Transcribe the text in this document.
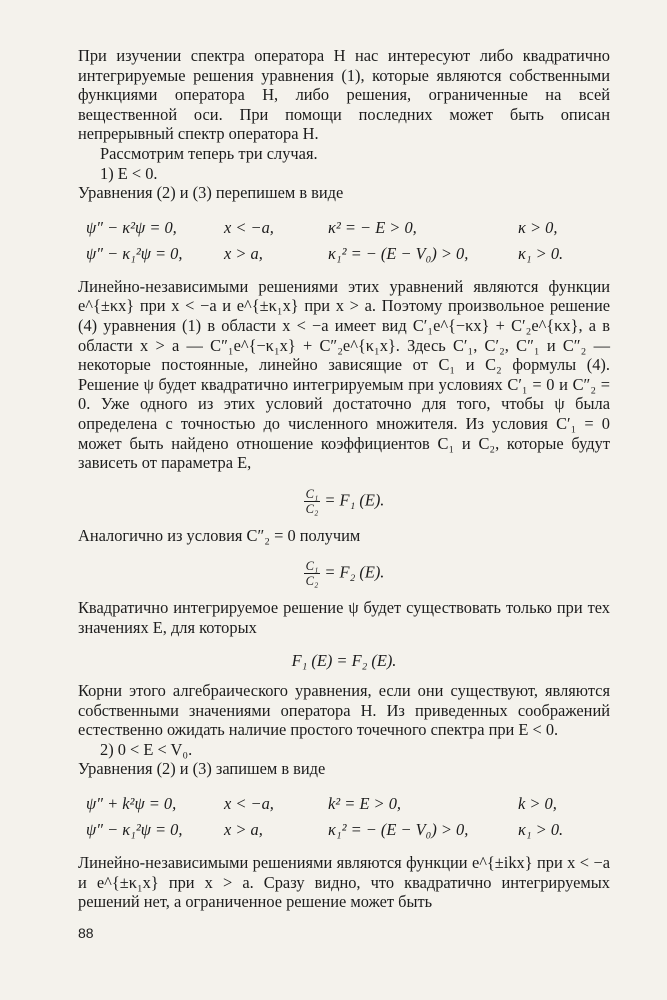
При изучении спектра оператора H нас интересуют либо квадратично интегрируемые решения уравнения (1), которые являются собственными функциями оператора H, либо решения, ограниченные на всей вещественной оси. При помощи последних может быть описан непрерывный спектр оператора H.

Рассмотрим теперь три случая.

1) E < 0.

Уравнения (2) и (3) перепишем в виде

ψ″ − κ²ψ = 0,	x < −a,	κ² = − E > 0,	κ > 0,
ψ″ − κ₁²ψ = 0,	x > a,	κ₁² = − (E − V₀) > 0,	κ₁ > 0.

Линейно-независимыми решениями этих уравнений являются функции e^{±κx} при x < −a и e^{±κ₁x} при x > a. Поэтому произвольное решение (4) уравнения (1) в области x < −a имеет вид C′₁e^{−κx} + C′₂e^{κx}, а в области x > a — C″₁e^{−κ₁x} + C″₂e^{κ₁x}. Здесь C′₁, C′₂, C″₁ и C″₂ — некоторые постоянные, линейно зависящие от C₁ и C₂ формулы (4). Решение ψ будет квадратично интегрируемым при условиях C′₁ = 0 и C″₂ = 0. Уже одного из этих условий достаточно для того, чтобы ψ была определена с точностью до численного множителя. Из условия C′₁ = 0 может быть найдено отношение коэффициентов C₁ и C₂, которые будут зависеть от параметра E,

$\frac{\text{C₁}}{\text{C₂}} = F_1$ (E).

Аналогично из условия C″₂ = 0 получим

$\frac{\text{C₁}}{\text{C₂}} = F_2$ (E).

Квадратично интегрируемое решение ψ будет существовать только при тех значениях E, для которых

F₁ (E) = F₂ (E).

Корни этого алгебраического уравнения, если они существуют, являются собственными значениями оператора H. Из приведенных соображений естественно ожидать наличие простого точечного спектра при E < 0.

2) 0 < E < V₀.

Уравнения (2) и (3) запишем в виде

ψ″ + k²ψ = 0,	x < −a,	k² = E > 0,	k > 0,
ψ″ − κ₁²ψ = 0,	x > a,	κ₁² = − (E − V₀) > 0,	κ₁ > 0.

Линейно-независимыми решениями являются функции e^{±ikx} при x < −a и e^{±κ₁x} при x > a. Сразу видно, что квадратично интегрируемых решений нет, а ограниченное решение может быть

88
